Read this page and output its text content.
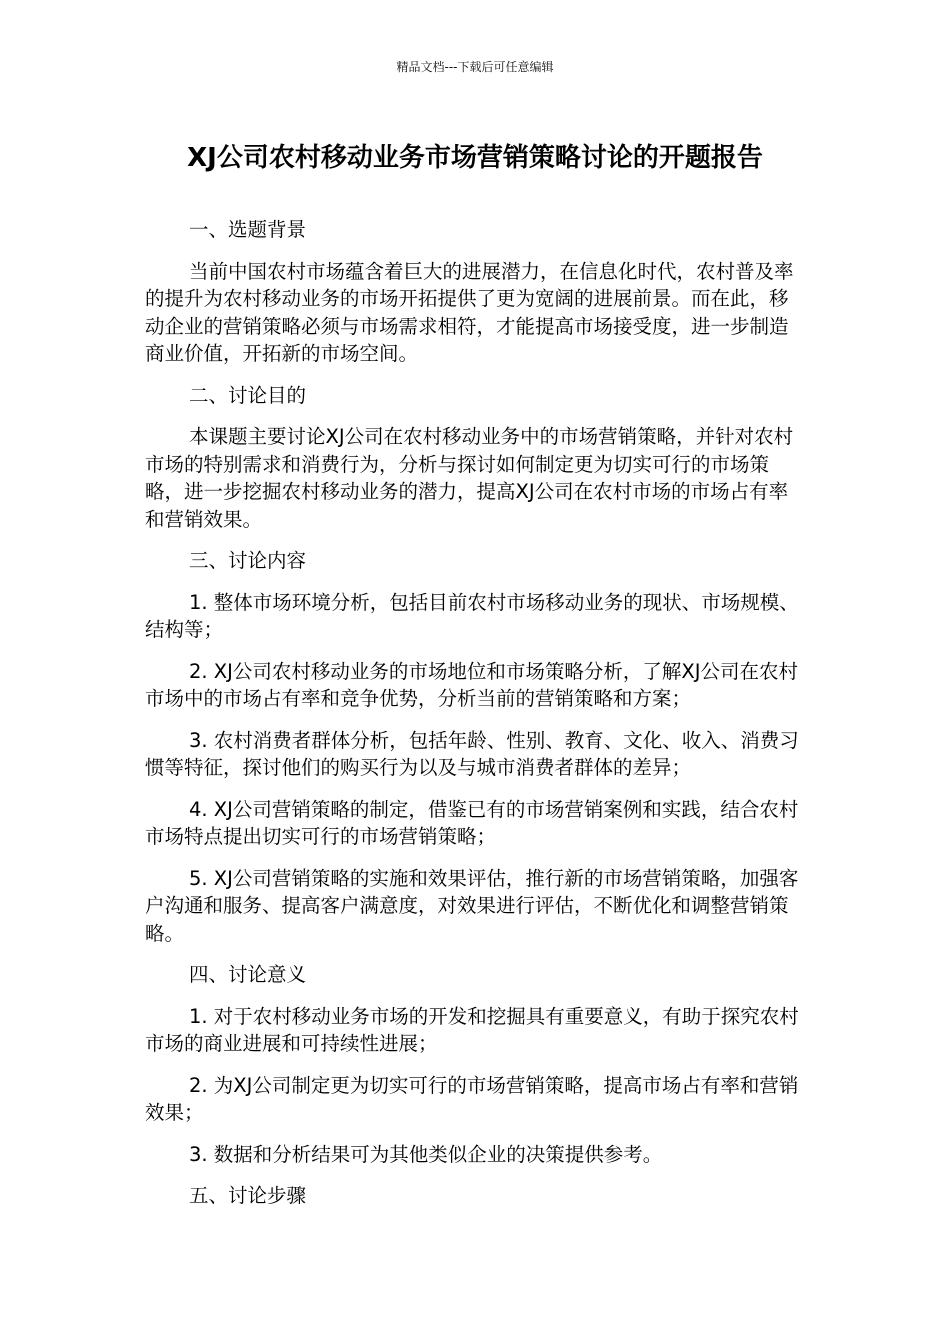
精品文档---下载后可任意编辑
XJ公司农村移动业务市场营销策略讨论的开题报告

一、选题背景

当前中国农村市场蕴含着巨大的进展潜力，在信息化时代，农村普及率的提升为农村移动业务的市场开拓提供了更为宽阔的进展前景。而在此，移动企业的营销策略必须与市场需求相符，才能提高市场接受度，进一步制造商业价值，开拓新的市场空间。

二、讨论目的

本课题主要讨论XJ公司在农村移动业务中的市场营销策略，并针对农村市场的特别需求和消费行为，分析与探讨如何制定更为切实可行的市场策略，进一步挖掘农村移动业务的潜力，提高XJ公司在农村市场的市场占有率和营销效果。

三、讨论内容

1. 整体市场环境分析，包括目前农村市场移动业务的现状、市场规模、结构等；

2. XJ公司农村移动业务的市场地位和市场策略分析，了解XJ公司在农村市场中的市场占有率和竞争优势，分析当前的营销策略和方案；

3. 农村消费者群体分析，包括年龄、性别、教育、文化、收入、消费习惯等特征，探讨他们的购买行为以及与城市消费者群体的差异；

4. XJ公司营销策略的制定，借鉴已有的市场营销案例和实践，结合农村市场特点提出切实可行的市场营销策略；

5. XJ公司营销策略的实施和效果评估，推行新的市场营销策略，加强客户沟通和服务、提高客户满意度，对效果进行评估，不断优化和调整营销策略。

四、讨论意义

1. 对于农村移动业务市场的开发和挖掘具有重要意义，有助于探究农村市场的商业进展和可持续性进展；

2. 为XJ公司制定更为切实可行的市场营销策略，提高市场占有率和营销效果；

3. 数据和分析结果可为其他类似企业的决策提供参考。

五、讨论步骤
